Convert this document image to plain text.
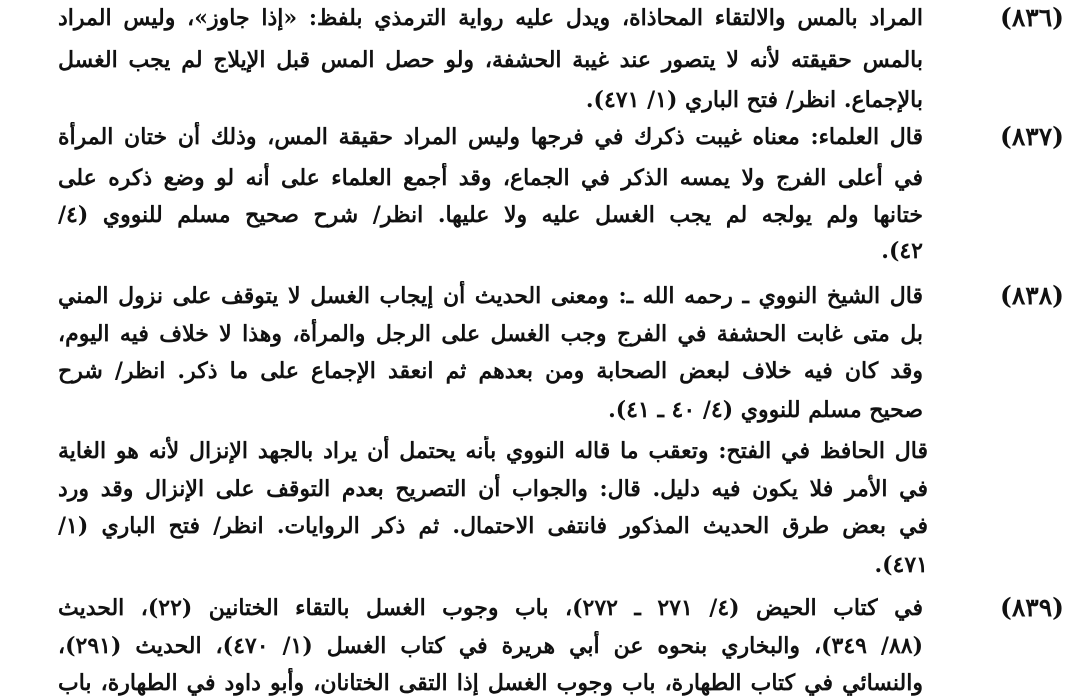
(٨٣٦)
المراد بالمس والالتقاء المحاذاة، ويدل عليه رواية الترمذي بلفظ: «إذا جاوز»، وليس المراد
بالمس حقيقته لأنه لا يتصور عند غيبة الحشفة، ولو حصل المس قبل الإيلاج لم يجب الغسل
بالإجماع. انظر/ فتح الباري (١/ ٤٧١).
(٨٣٧)
قال العلماء: معناه غيبت ذكرك في فرجها وليس المراد حقيقة المس، وذلك أن ختان المرأة
في أعلى الفرج ولا يمسه الذكر في الجماع، وقد أجمع العلماء على أنه لو وضع ذكره على
ختانها ولم يولجه لم يجب الغسل عليه ولا عليها. انظر/ شرح صحيح مسلم للنووي (٤/
٤٢).
(٨٣٨)
قال الشيخ النووي ـ رحمه الله ـ: ومعنى الحديث أن إيجاب الغسل لا يتوقف على نزول المني
بل متى غابت الحشفة في الفرج وجب الغسل على الرجل والمرأة، وهذا لا خلاف فيه اليوم،
وقد كان فيه خلاف لبعض الصحابة ومن بعدهم ثم انعقد الإجماع على ما ذكر. انظر/ شرح
صحيح مسلم للنووي (٤/ ٤٠ ـ ٤١).
قال الحافظ في الفتح: وتعقب ما قاله النووي بأنه يحتمل أن يراد بالجهد الإنزال لأنه هو الغاية
في الأمر فلا يكون فيه دليل. قال: والجواب أن التصريح بعدم التوقف على الإنزال وقد ورد
في بعض طرق الحديث المذكور فانتفى الاحتمال. ثم ذكر الروايات. انظر/ فتح الباري (١/
٤٧١).
(٨٣٩)
في كتاب الحيض (٤/ ٢٧١ ـ ٢٧٢)، باب وجوب الغسل بالتقاء الختانين (٢٢)، الحديث
(٨٨/ ٣٤٩)، والبخاري بنحوه عن أبي هريرة في كتاب الغسل (١/ ٤٧٠)، الحديث (٢٩١)،
والنسائي في كتاب الطهارة، باب وجوب الغسل إذا التقى الختانان، وأبو داود في الطهارة، باب
